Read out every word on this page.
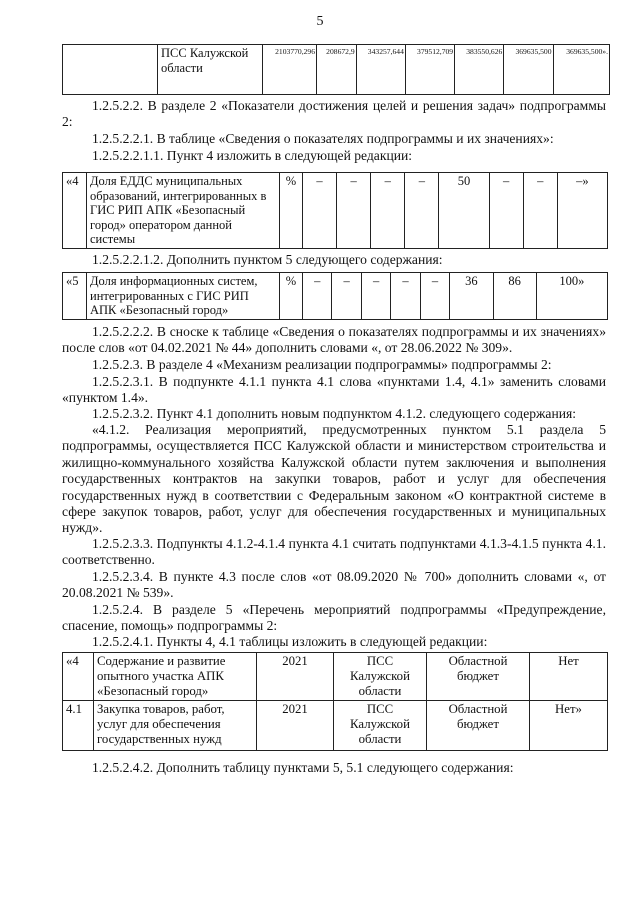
5
	ПСС Калужской области	2103770,296	208672,9	343257,644	379512,709	383550,626	369635,500	369635,500».

1.2.5.2.2. В разделе 2 «Показатели достижения целей и решения задач» подпрограммы 2:

1.2.5.2.2.1. В таблице «Сведения о показателях подпрограммы и их значениях»:

1.2.5.2.2.1.1. Пункт 4 изложить в следующей редакции:

«4	Доля ЕДДС муниципальных образований, интегрированных в ГИС РИП АПК «Безопасный город» оператором данной системы	%	–	–	–	–	50	–	–	–»

1.2.5.2.2.1.2. Дополнить пунктом 5 следующего содержания:

«5	Доля информационных систем, интегрированных с ГИС РИП АПК «Безопасный город»	%	–	–	–	–	–	36	86	100»

1.2.5.2.2.2. В сноске к таблице «Сведения о показателях подпрограммы и их значениях» после слов «от 04.02.2021 № 44» дополнить словами «, от 28.06.2022 № 309».

1.2.5.2.3. В разделе 4 «Механизм реализации подпрограммы» подпрограммы 2:

1.2.5.2.3.1. В подпункте 4.1.1 пункта 4.1 слова «пунктами 1.4, 4.1» заменить словами «пунктом 1.4».

1.2.5.2.3.2. Пункт 4.1 дополнить новым подпунктом 4.1.2. следующего содержания:

«4.1.2. Реализация мероприятий, предусмотренных пунктом 5.1 раздела 5 подпрограммы, осуществляется ПСС Калужской области и министерством строительства и жилищно-коммунального хозяйства Калужской области путем заключения и выполнения государственных контрактов на закупки товаров, работ и услуг для обеспечения государственных нужд в соответствии с Федеральным законом «О контрактной системе в сфере закупок товаров, работ, услуг для обеспечения государственных и муниципальных нужд».

1.2.5.2.3.3. Подпункты 4.1.2-4.1.4 пункта 4.1 считать подпунктами 4.1.3-4.1.5 пункта 4.1. соответственно.

1.2.5.2.3.4. В пункте 4.3 после слов «от 08.09.2020 № 700» дополнить словами «, от 20.08.2021 № 539».

1.2.5.2.4. В разделе 5 «Перечень мероприятий подпрограммы «Предупреждение, спасение, помощь» подпрограммы 2:

1.2.5.2.4.1. Пункты 4, 4.1 таблицы изложить в следующей редакции:

«4	Содержание и развитие опытного участка АПК «Безопасный город»	2021	ПСС Калужской области	Областной бюджет	Нет
4.1	Закупка товаров, работ, услуг для обеспечения государственных нужд	2021	ПСС Калужской области	Областной бюджет	Нет»

1.2.5.2.4.2. Дополнить таблицу пунктами 5, 5.1 следующего содержания:
